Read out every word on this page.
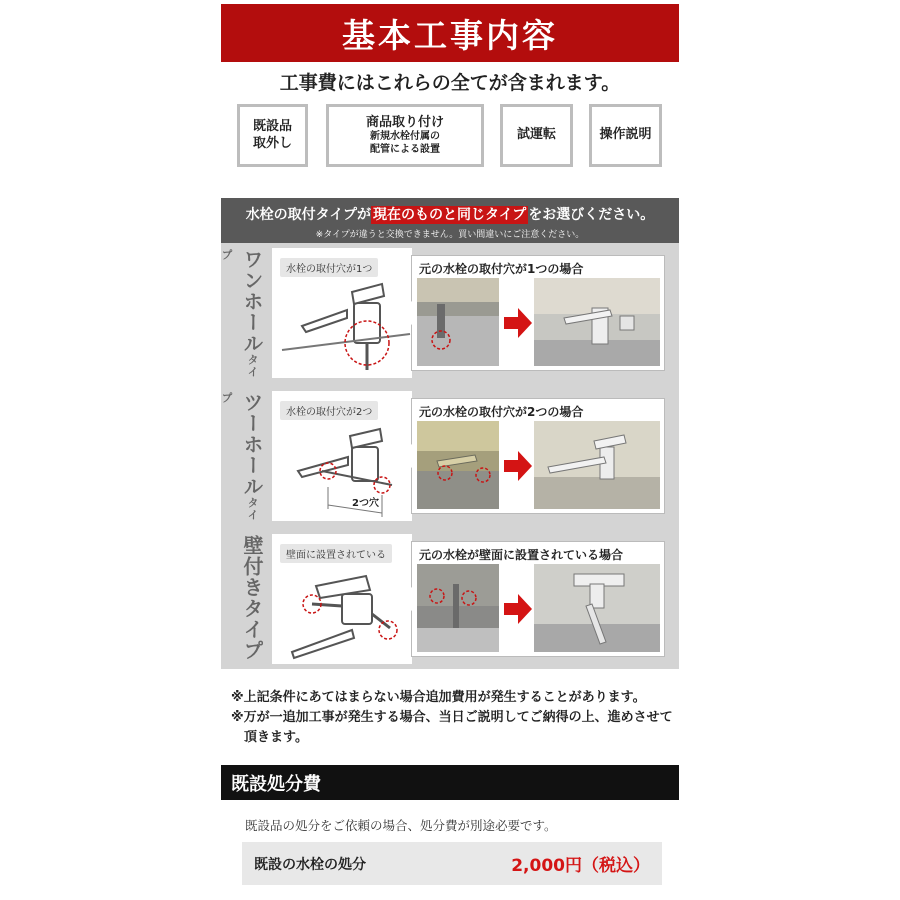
基本工事内容
工事費にはこれらの全てが含まれます。
既設品
取外し
商品取り付け
新規水栓付属の
配管による設置
試運転	操作説明
水栓の取付タイプが 現在のものと同じタイプ をお選びください。
※タイプが違うと交換できません。買い間違いにご注意ください。
ワンホールタイプ
水栓の取付穴が1つ	元の水栓の取付穴が1つの場合
ツーホールタイプ
水栓の取付穴が2つ
2つ穴
元の水栓の取付穴が2つの場合
壁付きタイプ	壁面に設置されている	元の水栓が壁面に設置されている場合
※上記条件にあてはまらない場合追加費用が発生することがあります。
※万が一追加工事が発生する場合、当日ご説明してご納得の上、進めさせて頂きます。
既設処分費
既設品の処分をご依頼の場合、処分費が別途必要です。
既設の水栓の処分	2,000円（税込）
